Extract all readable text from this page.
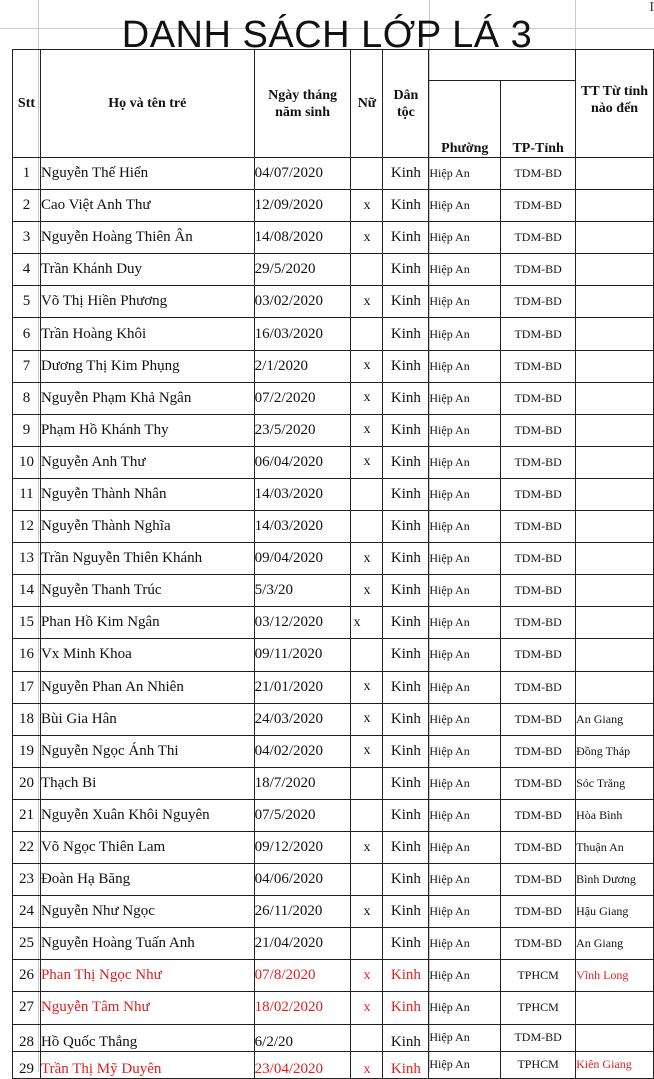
DANH SÁCH LỚP LÁ 3
I
Stt	Họ và tên trẻ	Ngày tháng năm sinh	Nữ	Dân tộc			TT Từ tỉnh nào đến
					Phường	TP-Tỉnh	
1	Nguyễn Thế Hiển	04/07/2020		Kinh	Hiệp An	TDM-BD	
2	Cao Việt Anh Thư	12/09/2020	x	Kinh	Hiệp An	TDM-BD	
3	Nguyễn Hoàng Thiên Ân	14/08/2020	x	Kinh	Hiệp An	TDM-BD	
4	Trần Khánh Duy	29/5/2020		Kinh	Hiệp An	TDM-BD	
5	Võ Thị Hiền Phương	03/02/2020	x	Kinh	Hiệp An	TDM-BD	
6	Trần Hoàng Khôi	16/03/2020		Kinh	Hiệp An	TDM-BD	
7	Dương Thị Kim Phụng	2/1/2020	x	Kinh	Hiệp An	TDM-BD	
8	Nguyễn Phạm Khả Ngân	07/2/2020	x	Kinh	Hiệp An	TDM-BD	
9	Phạm Hồ Khánh Thy	23/5/2020	x	Kinh	Hiệp An	TDM-BD	
10	Nguyễn Anh Thư	06/04/2020	x	Kinh	Hiệp An	TDM-BD	
11	Nguyễn Thành Nhân	14/03/2020		Kinh	Hiệp An	TDM-BD	
12	Nguyễn Thành Nghĩa	14/03/2020		Kinh	Hiệp An	TDM-BD	
13	Trần Nguyễn Thiên Khánh	09/04/2020	x	Kinh	Hiệp An	TDM-BD	
14	Nguyễn Thanh Trúc	5/3/20	x	Kinh	Hiệp An	TDM-BD	
15	Phan Hồ Kim Ngân	03/12/2020	x	Kinh	Hiệp An	TDM-BD	
16	Vx Minh Khoa	09/11/2020		Kinh	Hiệp An	TDM-BD	
17	Nguyễn Phan An Nhiên	21/01/2020	x	Kinh	Hiệp An	TDM-BD	
18	Bùi Gia Hân	24/03/2020	x	Kinh	Hiệp An	TDM-BD	An Giang
19	Nguyễn Ngọc Ánh Thi	04/02/2020	x	Kinh	Hiệp An	TDM-BD	Đồng Tháp
20	Thạch Bi	18/7/2020		Kinh	Hiệp An	TDM-BD	Sóc Trăng
21	Nguyễn Xuân Khôi Nguyên	07/5/2020		Kinh	Hiệp An	TDM-BD	Hòa Bình
22	Võ Ngọc Thiên Lam	09/12/2020	x	Kinh	Hiệp An	TDM-BD	Thuận An
23	Đoàn Hạ Băng	04/06/2020		Kinh	Hiệp An	TDM-BD	Bình Dương
24	Nguyễn Như Ngọc	26/11/2020	x	Kinh	Hiệp An	TDM-BD	Hậu Giang
25	Nguyễn Hoàng Tuấn Anh	21/04/2020		Kinh	Hiệp An	TDM-BD	An Giang
26	Phan Thị Ngọc Như	07/8/2020	x	Kinh	Hiệp An	TPHCM	Vĩnh Long
27	Nguyễn Tâm Như	18/02/2020	x	Kinh	Hiệp An	TPHCM	
28	Hồ Quốc Thắng	6/2/20		Kinh	Hiệp An	TDM-BD	
29	Trần Thị Mỹ Duyên	23/04/2020	x	Kinh	Hiệp An	TPHCM	Kiên Giang
